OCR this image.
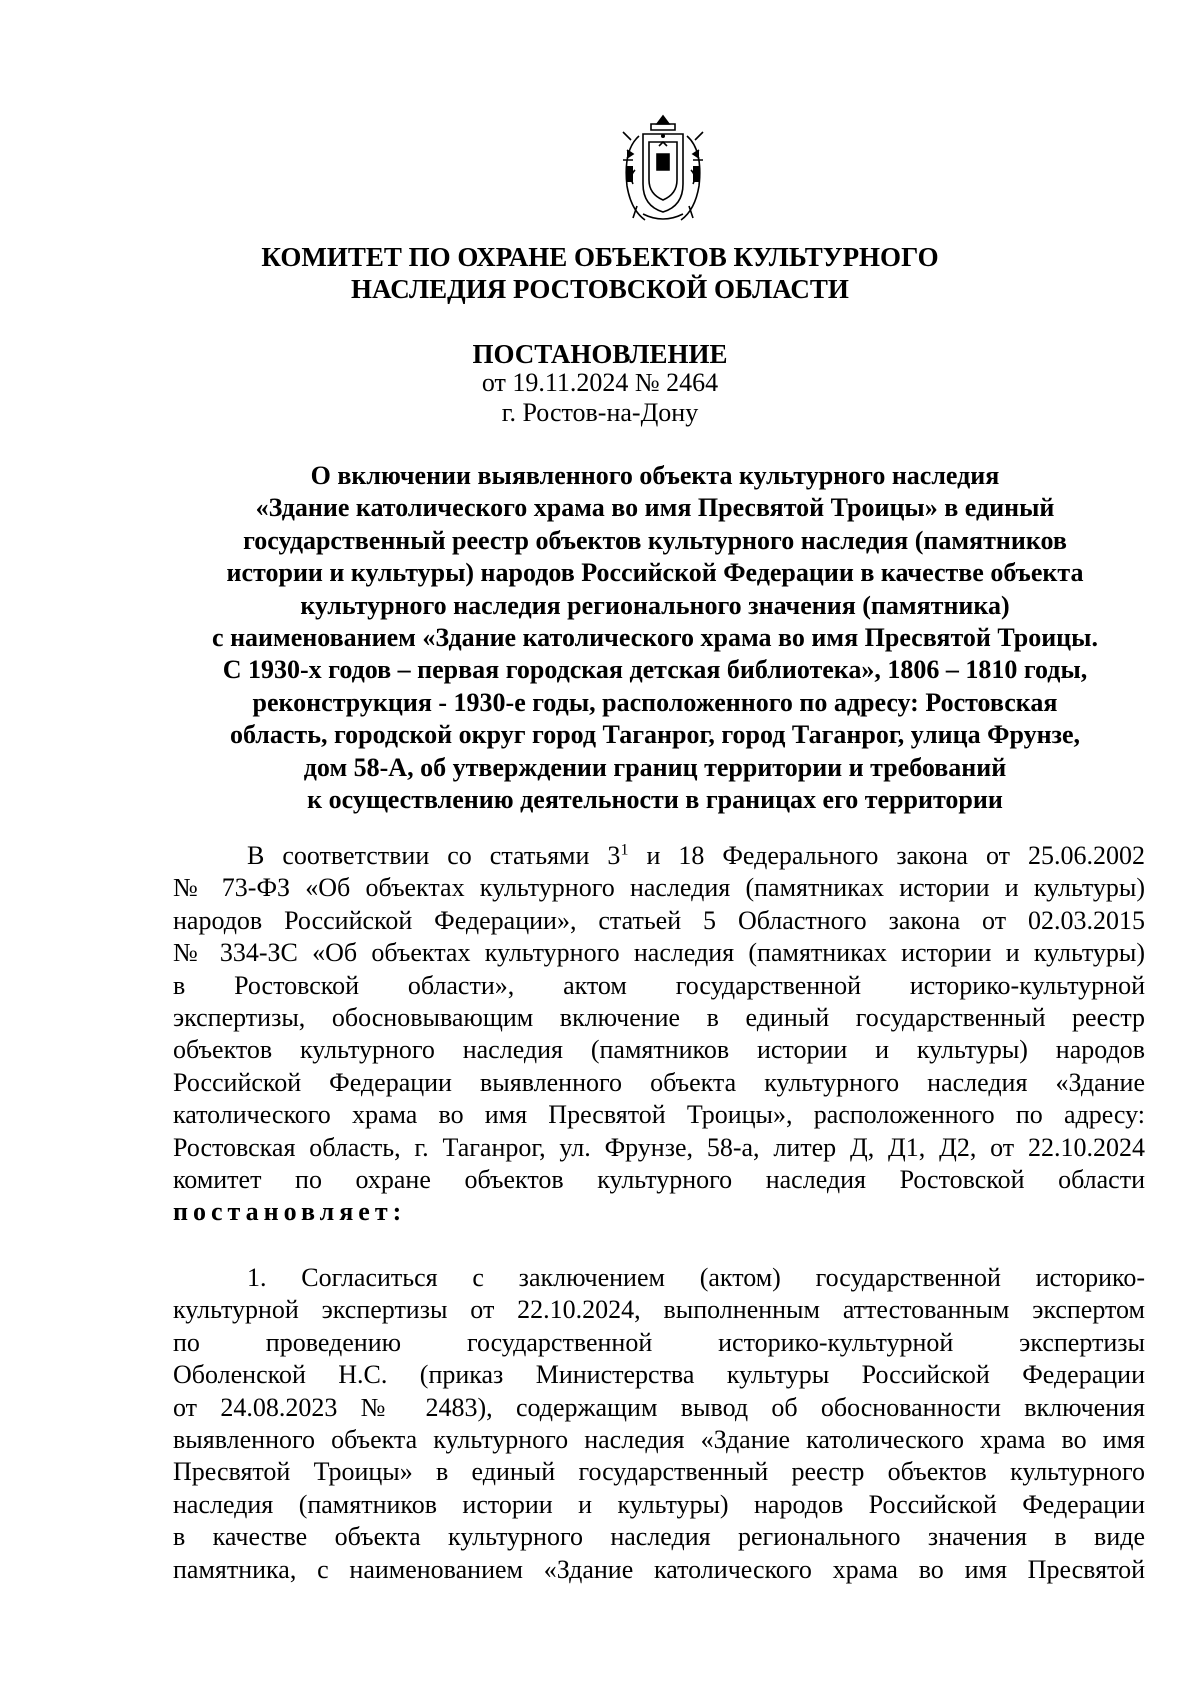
КОМИТЕТ ПО ОХРАНЕ ОБЪЕКТОВ КУЛЬТУРНОГО
НАСЛЕДИЯ РОСТОВСКОЙ ОБЛАСТИ
ПОСТАНОВЛЕНИЕ
от 19.11.2024 № 2464
г. Ростов-на-Дону
О включении выявленного объекта культурного наследия
«Здание католического храма во имя Пресвятой Троицы» в единый
государственный реестр объектов культурного наследия (памятников
истории и культуры) народов Российской Федерации в качестве объекта
культурного наследия регионального значения (памятника)
с наименованием «Здание католического храма во имя Пресвятой Троицы.
С 1930-х годов – первая городская детская библиотека», 1806 – 1810 годы,
реконструкция - 1930-е годы, расположенного по адресу: Ростовская
область, городской округ город Таганрог, город Таганрог, улица Фрунзе,
дом 58-А, об утверждении границ территории и требований
к осуществлению деятельности в границах его территории
В соответствии со статьями $3^1$ и 18 Федерального закона от 25.06.2002
№ 73-ФЗ «Об объектах культурного наследия (памятниках истории и культуры)
народов Российской Федерации», статьей 5 Областного закона от 02.03.2015
№ 334-ЗС «Об объектах культурного наследия (памятниках истории и культуры)
в Ростовской области», актом государственной историко-культурной
экспертизы, обосновывающим включение в единый государственный реестр
объектов культурного наследия (памятников истории и культуры) народов
Российской Федерации выявленного объекта культурного наследия «Здание
католического храма во имя Пресвятой Троицы», расположенного по адресу:
Ростовская область, г. Таганрог, ул. Фрунзе, 58-а, литер Д, Д1, Д2, от 22.10.2024
комитет по охране объектов культурного наследия Ростовской области
постановляет:
1. Согласиться с заключением (актом) государственной историко-
культурной экспертизы от 22.10.2024, выполненным аттестованным экспертом
по проведению государственной историко-культурной экспертизы
Оболенской Н.С. (приказ Министерства культуры Российской Федерации
от 24.08.2023 № 2483), содержащим вывод об обоснованности включения
выявленного объекта культурного наследия «Здание католического храма во имя
Пресвятой Троицы» в единый государственный реестр объектов культурного
наследия (памятников истории и культуры) народов Российской Федерации
в качестве объекта культурного наследия регионального значения в виде
памятника, с наименованием «Здание католического храма во имя Пресвятой
